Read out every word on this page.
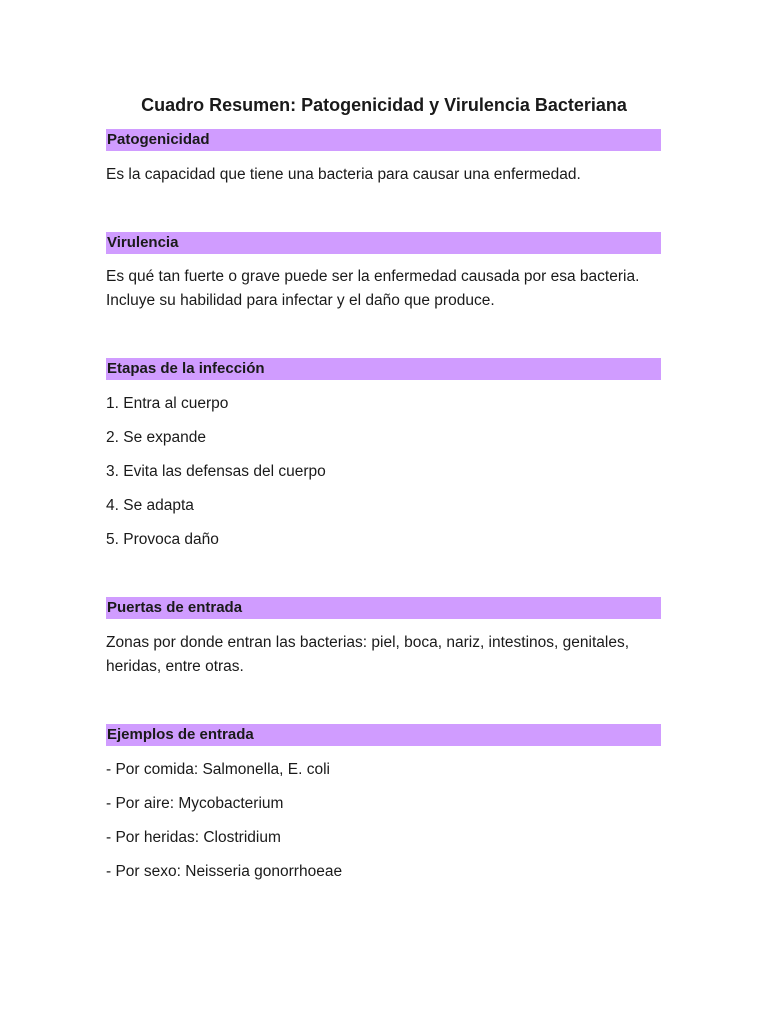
Cuadro Resumen: Patogenicidad y Virulencia Bacteriana
Patogenicidad
Es la capacidad que tiene una bacteria para causar una enfermedad.
Virulencia
Es qué tan fuerte o grave puede ser la enfermedad causada por esa bacteria.
Incluye su habilidad para infectar y el daño que produce.
Etapas de la infección
1. Entra al cuerpo
2. Se expande
3. Evita las defensas del cuerpo
4. Se adapta
5. Provoca daño
Puertas de entrada
Zonas por donde entran las bacterias: piel, boca, nariz, intestinos, genitales,
heridas, entre otras.
Ejemplos de entrada
- Por comida: Salmonella, E. coli
- Por aire: Mycobacterium
- Por heridas: Clostridium
- Por sexo: Neisseria gonorrhoeae
